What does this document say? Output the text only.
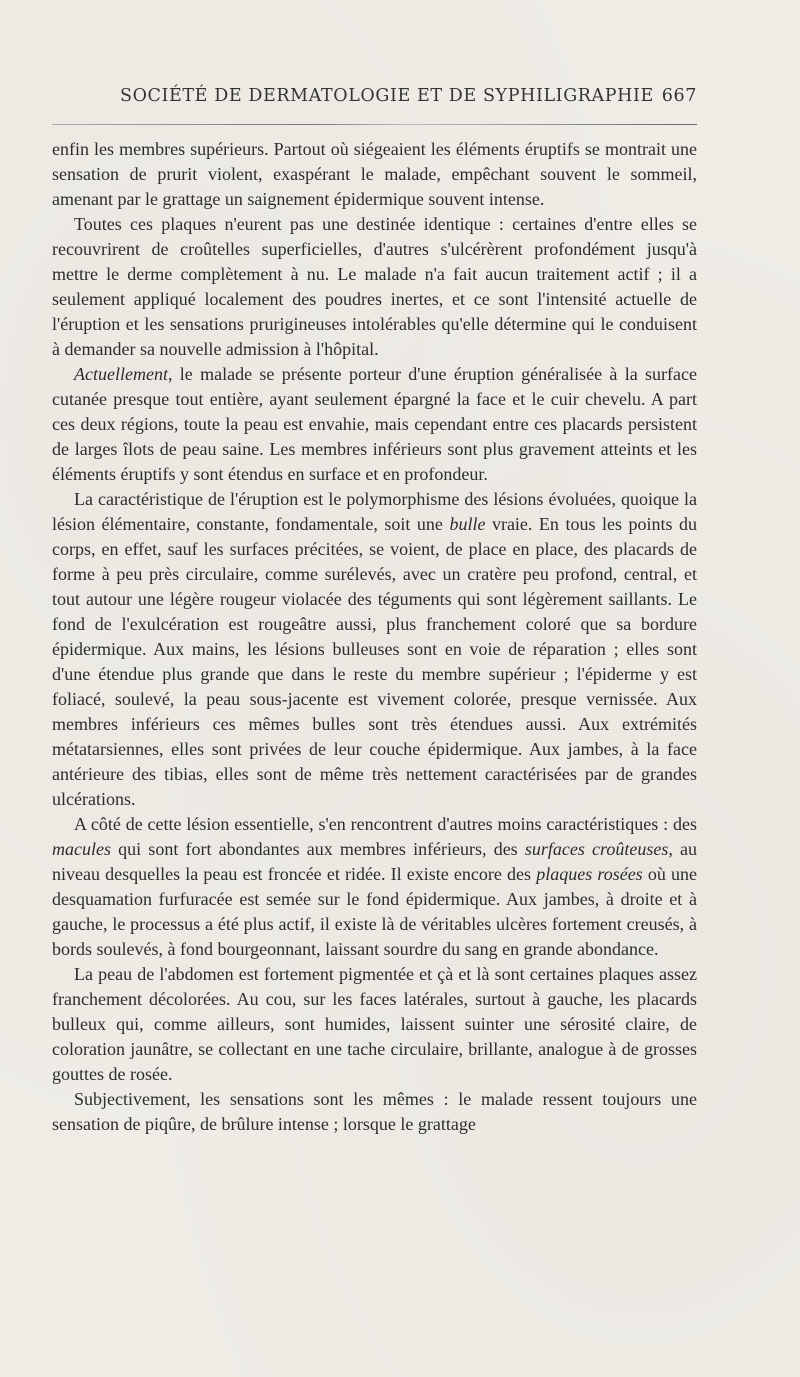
SOCIÉTÉ DE DERMATOLOGIE ET DE SYPHILIGRAPHIE 667

enfin les membres supérieurs. Partout où siégeaient les éléments éruptifs se montrait une sensation de prurit violent, exaspérant le malade, empêchant souvent le sommeil, amenant par le grattage un saignement épidermique souvent intense.

Toutes ces plaques n'eurent pas une destinée identique : certaines d'entre elles se recouvrirent de croûtelles superficielles, d'autres s'ulcérèrent profondément jusqu'à mettre le derme complètement à nu. Le malade n'a fait aucun traitement actif ; il a seulement appliqué localement des poudres inertes, et ce sont l'intensité actuelle de l'éruption et les sensations prurigineuses intolérables qu'elle détermine qui le conduisent à demander sa nouvelle admission à l'hôpital.

Actuellement, le malade se présente porteur d'une éruption généralisée à la surface cutanée presque tout entière, ayant seulement épargné la face et le cuir chevelu. A part ces deux régions, toute la peau est envahie, mais cependant entre ces placards persistent de larges îlots de peau saine. Les membres inférieurs sont plus gravement atteints et les éléments éruptifs y sont étendus en surface et en profondeur.

La caractéristique de l'éruption est le polymorphisme des lésions évoluées, quoique la lésion élémentaire, constante, fondamentale, soit une bulle vraie. En tous les points du corps, en effet, sauf les surfaces précitées, se voient, de place en place, des placards de forme à peu près circulaire, comme surélevés, avec un cratère peu profond, central, et tout autour une légère rougeur violacée des téguments qui sont légèrement saillants. Le fond de l'exulcération est rougeâtre aussi, plus franchement coloré que sa bordure épidermique. Aux mains, les lésions bulleuses sont en voie de réparation ; elles sont d'une étendue plus grande que dans le reste du membre supérieur ; l'épiderme y est foliacé, soulevé, la peau sous-jacente est vivement colorée, presque vernissée. Aux membres inférieurs ces mêmes bulles sont très étendues aussi. Aux extrémités métatarsiennes, elles sont privées de leur couche épidermique. Aux jambes, à la face antérieure des tibias, elles sont de même très nettement caractérisées par de grandes ulcérations.

A côté de cette lésion essentielle, s'en rencontrent d'autres moins caractéristiques : des macules qui sont fort abondantes aux membres inférieurs, des surfaces croûteuses, au niveau desquelles la peau est froncée et ridée. Il existe encore des plaques rosées où une desquamation furfuracée est semée sur le fond épidermique. Aux jambes, à droite et à gauche, le processus a été plus actif, il existe là de véritables ulcères fortement creusés, à bords soulevés, à fond bourgeonnant, laissant sourdre du sang en grande abondance.

La peau de l'abdomen est fortement pigmentée et çà et là sont certaines plaques assez franchement décolorées. Au cou, sur les faces latérales, surtout à gauche, les placards bulleux qui, comme ailleurs, sont humides, laissent suinter une sérosité claire, de coloration jaunâtre, se collectant en une tache circulaire, brillante, analogue à de grosses gouttes de rosée.

Subjectivement, les sensations sont les mêmes : le malade ressent toujours une sensation de piqûre, de brûlure intense ; lorsque le grattage
